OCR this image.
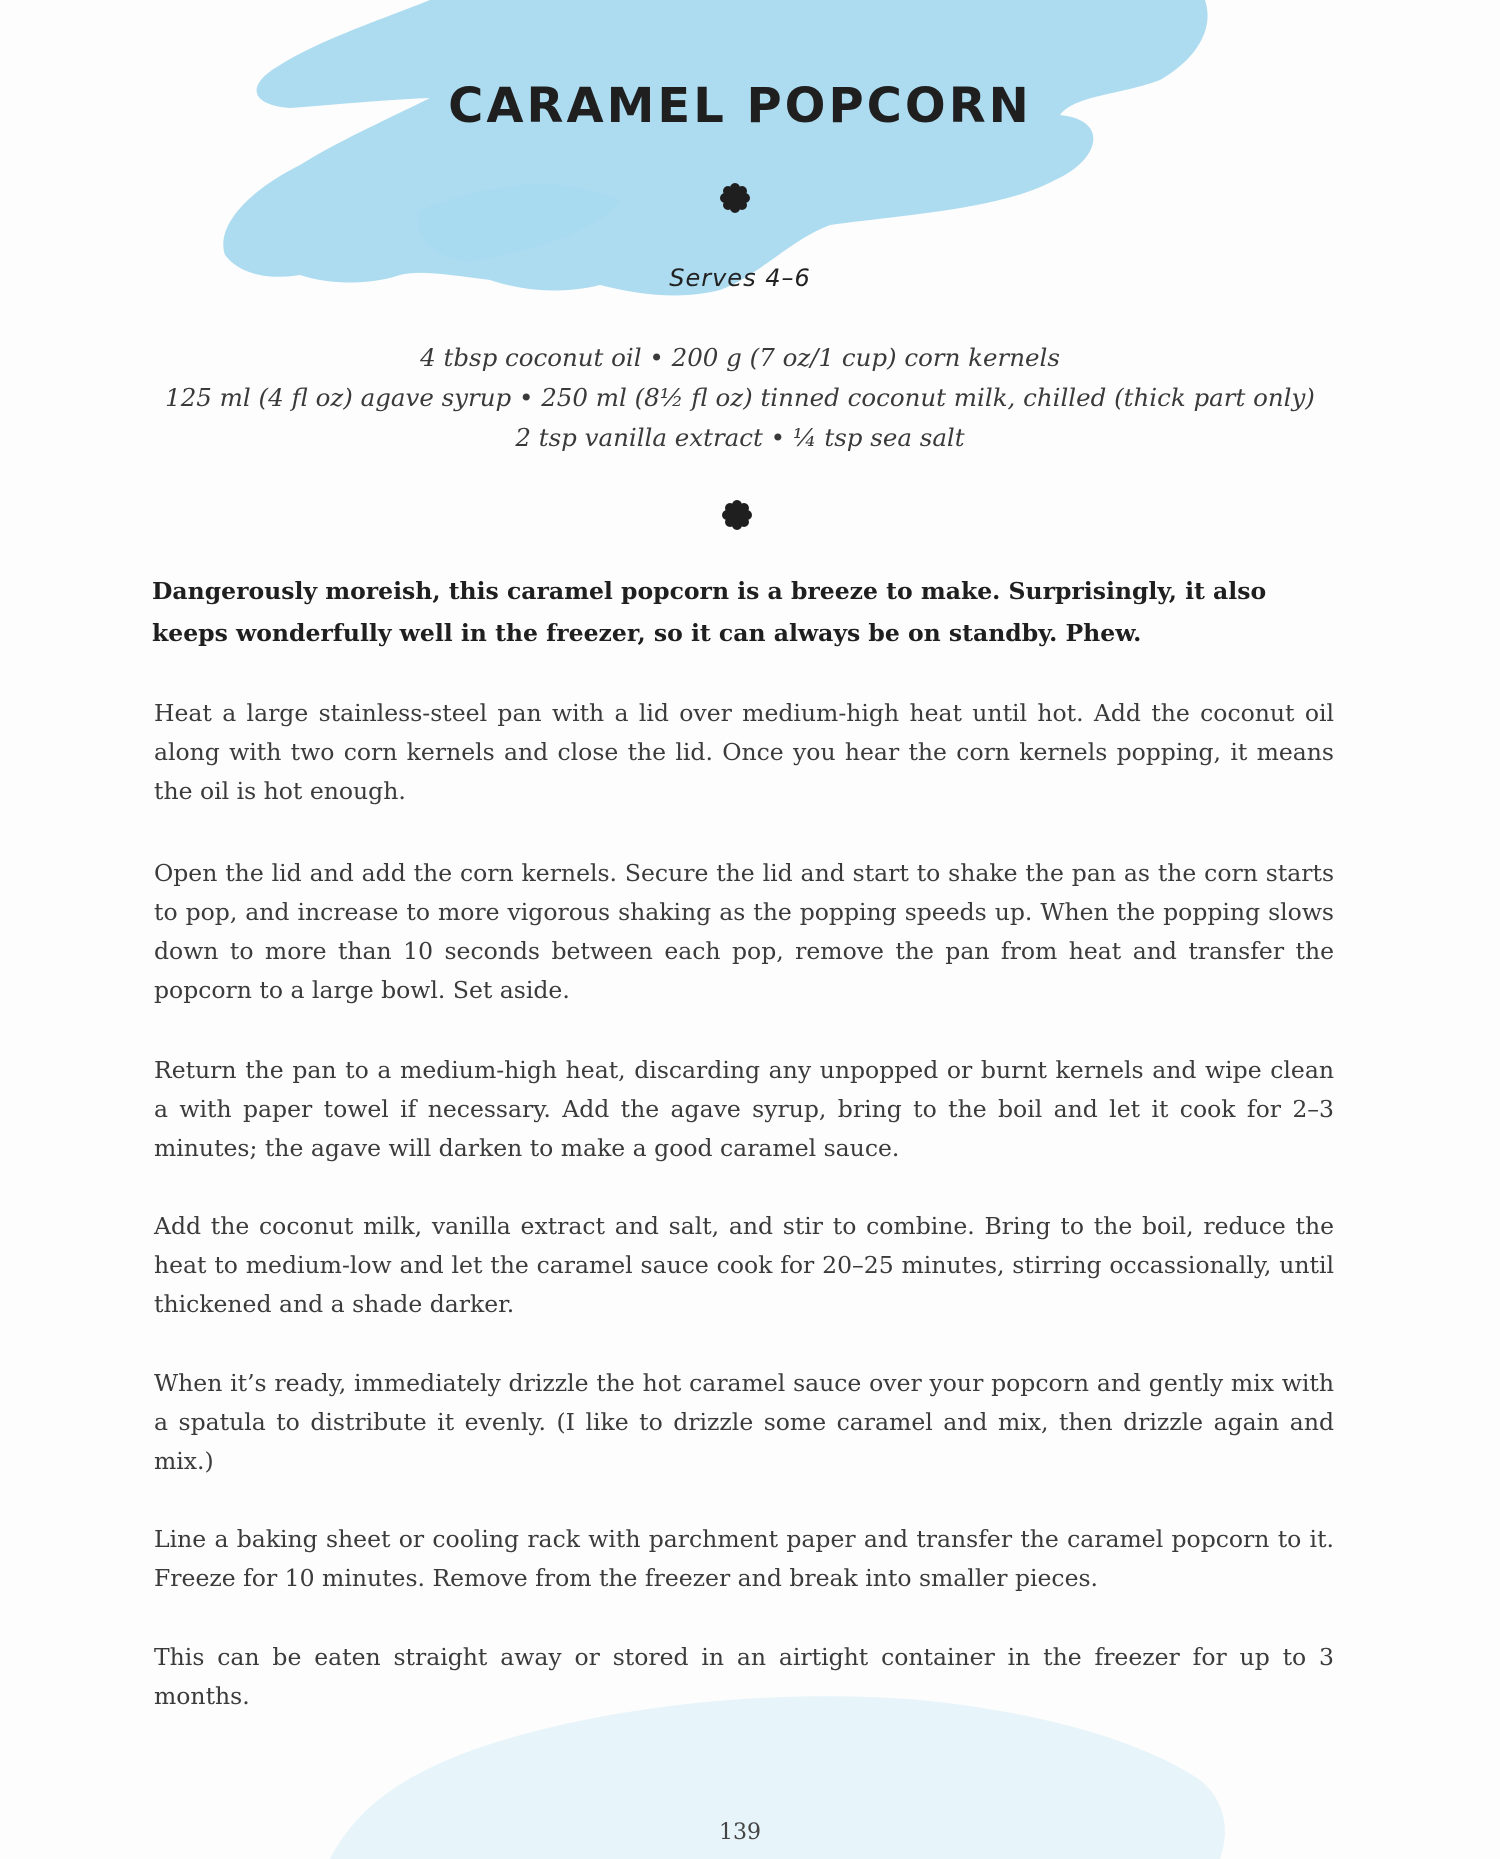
CARAMEL POPCORN
Serves 4–6
4 tbsp coconut oil • 200 g (7 oz/1 cup) corn kernels
125 ml (4 fl oz) agave syrup • 250 ml (8½ fl oz) tinned coconut milk, chilled (thick part only)
2 tsp vanilla extract • ¼ tsp sea salt

Dangerously moreish, this caramel popcorn is a breeze to make. Surprisingly, it also keeps wonderfully well in the freezer, so it can always be on standby. Phew.

Heat a large stainless-steel pan with a lid over medium-high heat until hot. Add the coconut oil along with two corn kernels and close the lid. Once you hear the corn kernels popping, it means the oil is hot enough.

Open the lid and add the corn kernels. Secure the lid and start to shake the pan as the corn starts to pop, and increase to more vigorous shaking as the popping speeds up. When the popping slows down to more than 10 seconds between each pop, remove the pan from heat and transfer the popcorn to a large bowl. Set aside.

Return the pan to a medium-high heat, discarding any unpopped or burnt kernels and wipe clean a with paper towel if necessary. Add the agave syrup, bring to the boil and let it cook for 2–3 minutes; the agave will darken to make a good caramel sauce.

Add the coconut milk, vanilla extract and salt, and stir to combine. Bring to the boil, reduce the heat to medium-low and let the caramel sauce cook for 20–25 minutes, stirring occassionally, until thickened and a shade darker.

When it’s ready, immediately drizzle the hot caramel sauce over your popcorn and gently mix with a spatula to distribute it evenly. (I like to drizzle some caramel and mix, then drizzle again and mix.)

Line a baking sheet or cooling rack with parchment paper and transfer the caramel popcorn to it. Freeze for 10 minutes. Remove from the freezer and break into smaller pieces.

This can be eaten straight away or stored in an airtight container in the freezer for up to 3 months.

139
